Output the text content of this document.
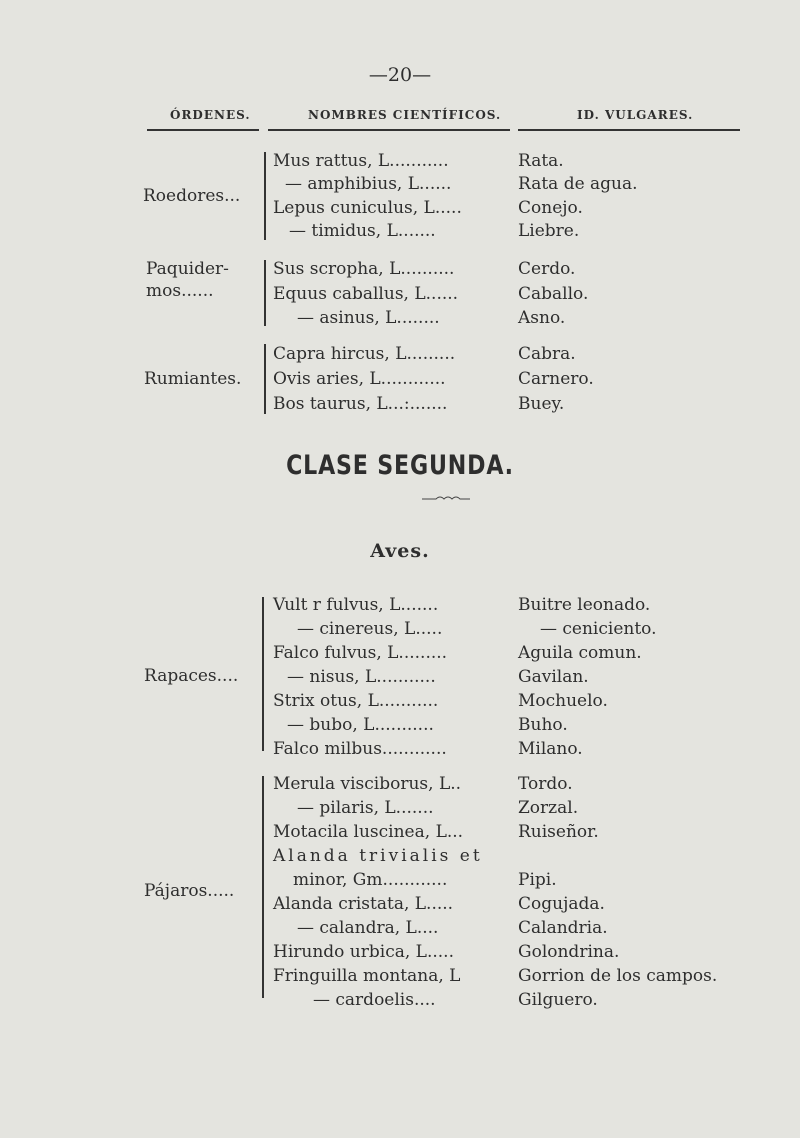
—20—
ÓRDENES.	NOMBRES CIENTÍFICOS.	ID. VULGARES.
Roedores...
Mus rattus, L...........	Rata.
— amphibius, L......	Rata de agua.
Lepus cuniculus, L.....	Conejo.
— timidus, L.......	Liebre.
Paquider-mos......
Sus scropha, L..........	Cerdo.
Equus caballus, L......	Caballo.
— asinus, L........	Asno.
Rumiantes.
Capra hircus, L.........	Cabra.
Ovis aries, L............	Carnero.
Bos taurus, L...:.......	Buey.
CLASE SEGUNDA.
Aves.
Rapaces....
Vult r fulvus, L.......	Buitre leonado.
— cinereus, L.....	— ceniciento.
Falco fulvus, L.........	Aguila comun.
— nisus, L...........	Gavilan.
Strix otus, L...........	Mochuelo.
— bubo, L...........	Buho.
Falco milbus............	Milano.
Pájaros.....
Merula visciborus, L..	Tordo.
— pilaris, L.......	Zorzal.
Motacila luscinea, L...	Ruiseñor.
Alanda trivialis et
minor, Gm............	Pipi.
Alanda cristata, L.....	Cogujada.
— calandra, L....	Calandria.
Hirundo urbica, L.....	Golondrina.
Fringuilla montana, L	Gorrion de los campos.
— cardoelis....	Gilguero.
